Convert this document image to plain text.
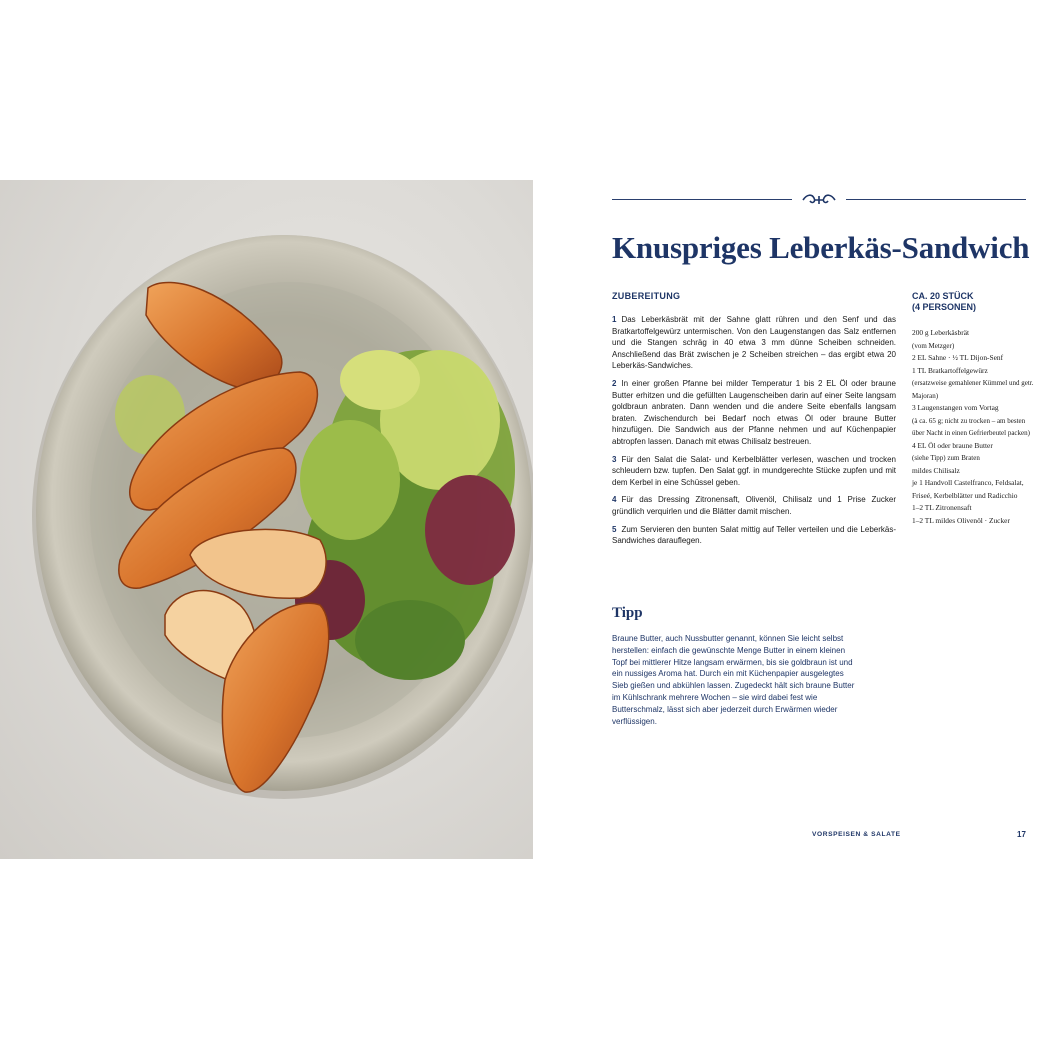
Knuspriges Leberkäs-Sandwich
ZUBEREITUNG

1 Das Leberkäsbrät mit der Sahne glatt rühren und den Senf und das Bratkartoffelgewürz untermischen. Von den Laugenstangen das Salz entfernen und die Stangen schräg in 40 etwa 3 mm dünne Scheiben schneiden. Anschließend das Brät zwischen je 2 Scheiben streichen – das ergibt etwa 20 Leberkäs-Sandwiches.

2 In einer großen Pfanne bei milder Temperatur 1 bis 2 EL Öl oder braune Butter erhitzen und die gefüllten Laugenscheiben darin auf einer Seite langsam goldbraun anbraten. Dann wenden und die andere Seite ebenfalls langsam braten. Zwischendurch bei Bedarf noch etwas Öl oder braune Butter hinzufügen. Die Sandwich aus der Pfanne nehmen und auf Küchenpapier abtropfen lassen. Danach mit etwas Chilisalz bestreuen.

3 Für den Salat die Salat- und Kerbelblätter verlesen, waschen und trocken schleudern bzw. tupfen. Den Salat ggf. in mundgerechte Stücke zupfen und mit dem Kerbel in eine Schüssel geben.

4 Für das Dressing Zitronensaft, Olivenöl, Chilisalz und 1 Prise Zucker gründlich verquirlen und die Blätter damit mischen.

5 Zum Servieren den bunten Salat mittig auf Teller verteilen und die Leberkäs-Sandwiches darauflegen.

CA. 20 STÜCK
(4 PERSONEN)
200 g Leberkäsbrät
(vom Metzger)
2 EL Sahne · ½ TL Dijon-Senf
1 TL Bratkartoffelgewürz
(ersatzweise gemahlener Kümmel und getr. Majoran)
3 Laugenstangen vom Vortag
(à ca. 65 g; nicht zu trocken – am besten über Nacht in einen Gefrierbeutel packen)
4 EL Öl oder braune Butter
(siehe Tipp) zum Braten
mildes Chilisalz
je 1 Handvoll Castelfranco, Feldsalat, Friseé, Kerbelblätter und Radicchio
1–2 TL Zitronensaft
1–2 TL mildes Olivenöl · Zucker
Tipp

Braune Butter, auch Nussbutter genannt, können Sie leicht selbst herstellen: einfach die gewünschte Menge Butter in einem kleinen Topf bei mittlerer Hitze langsam erwärmen, bis sie goldbraun ist und ein nussiges Aroma hat. Durch ein mit Küchenpapier ausgelegtes Sieb gießen und abkühlen lassen. Zugedeckt hält sich braune Butter im Kühlschrank mehrere Wochen – sie wird dabei fest wie Butterschmalz, lässt sich aber jederzeit durch Erwärmen wieder verflüssigen.

VORSPEISEN & SALATE	17
